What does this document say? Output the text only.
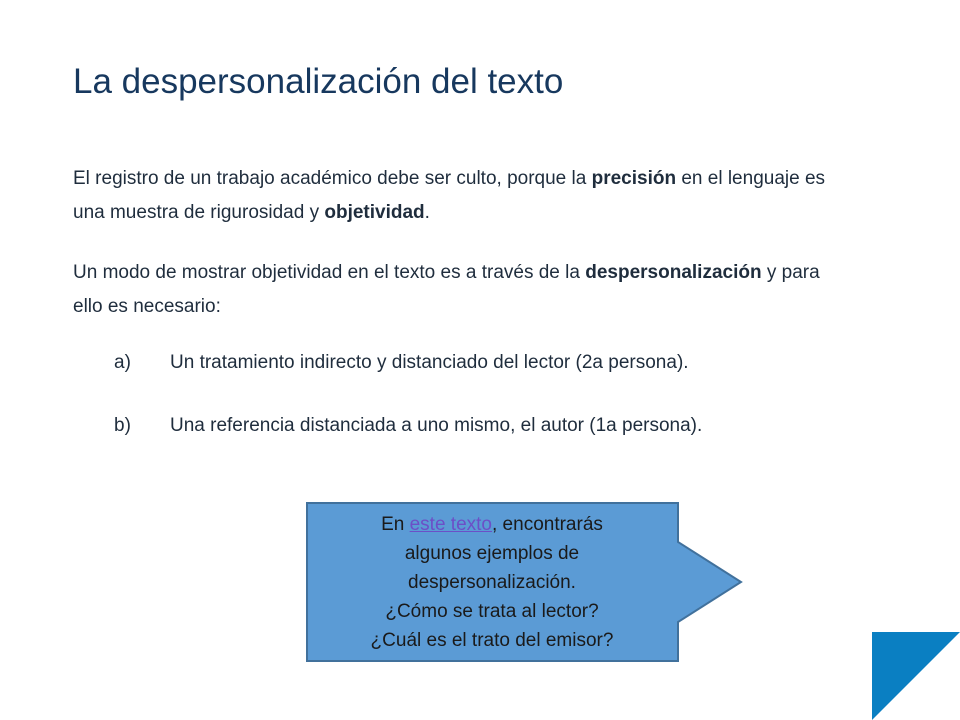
La despersonalización del texto
El registro de un trabajo académico debe ser culto, porque la precisión en el lenguaje es una muestra de rigurosidad y objetividad.
Un modo de mostrar objetividad en el texto es a través de la despersonalización y para ello es necesario:
a) Un tratamiento indirecto y distanciado del lector (2a persona).
b) Una referencia distanciada a uno mismo, el autor (1a persona).
En este texto, encontrarás
algunos ejemplos de
despersonalización.
¿Cómo se trata al lector?
¿Cuál es el trato del emisor?
